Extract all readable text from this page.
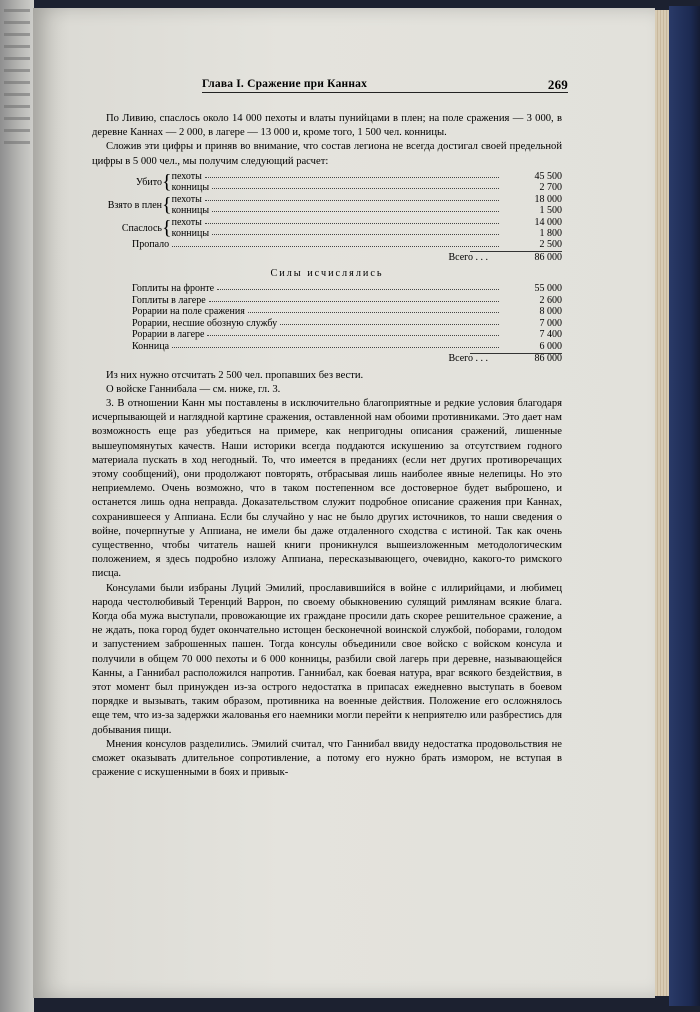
Глава I. Сражение при Каннах	269

По Ливию, спаслось около 14 000 пехоты и влаты пунийцами в плен; на поле сражения — 3 000, в деревне Каннах — 2 000, в лагере — 13 000 и, кроме того, 1 500 чел. конницы.

Сложив эти цифры и приняв во внимание, что состав легиона не всегда достигал своей предельной цифры в 5 000 чел., мы получим следующий расчет:

Убито	{	пехоты 45 500
конницы 2 700

Взято в плен	{	пехоты 18 000
конницы 1 500

Спаслось	{	пехоты 14 000
конницы 1 800
Пропало	2 500
Всего . . .	86 000
Силы исчислялись
Гоплиты на фронте	55 000
Гоплиты в лагере	2 600
Рорарии на поле сражения	8 000
Рорарии, несшие обозную службу	7 000
Рорарии в лагере	7 400
Конница	6 000
Всего . . .	86 000

Из них нужно отсчитать 2 500 чел. пропавших без вести.

О войске Ганнибала — см. ниже, гл. 3.

3. В отношении Канн мы поставлены в исключительно благоприятные и редкие условия благодаря исчерпывающей и наглядной картине сражения, оставленной нам обоими противниками. Это дает нам возможность еще раз убедиться на примере, как непригодны описания сражений, лишенные вышеупомянутых качеств. Наши историки всегда поддаются искушению за отсутствием годного материала пускать в ход негодный. То, что имеется в преданиях (если нет других противоречащих этому сообщений), они продолжают повторять, отбрасывая лишь наиболее явные нелепицы. Но это неприемлемо. Очень возможно, что в таком постепенном все достоверное будет выброшено, и останется лишь одна неправда. Доказательством служит подробное описание сражения при Каннах, сохранившееся у Аппиана. Если бы случайно у нас не было других источников, то наши сведения о войне, почерпнутые у Аппиана, не имели бы даже отдаленного сходства с истиной. Так как очень существенно, чтобы читатель нашей книги проникнулся вышеизложенным методологическим положением, я здесь подробно изложу Аппиана, пересказывающего, очевидно, какого-то римского писца.

Консулами были избраны Луций Эмилий, прославившийся в войне с иллирийцами, и любимец народа честолюбивый Теренций Варрон, по своему обыкновению сулящий римлянам всякие блага. Когда оба мужа выступали, провожающие их граждане просили дать скорее решительное сражение, а не ждать, пока город будет окончательно истощен бесконечной воинской службой, поборами, голодом и запустением заброшенных пашен. Тогда консулы объединили свое войско с войском консула и получили в общем 70 000 пехоты и 6 000 конницы, разбили свой лагерь при деревне, называющейся Канны, а Ганнибал расположился напротив. Ганнибал, как боевая натура, враг всякого бездействия, в этот момент был принужден из-за острого недостатка в припасах ежедневно выступать в боевом порядке и вызывать, таким образом, противника на военные действия. Положение его осложнялось еще тем, что из-за задержки жалованья его наемники могли перейти к неприятелю или разбрестись для добывания пищи.

Мнения консулов разделились. Эмилий считал, что Ганнибал ввиду недостатка продовольствия не сможет оказывать длительное сопротивление, а потому его нужно брать измором, не вступая в сражение с искушенными в боях и привык-
